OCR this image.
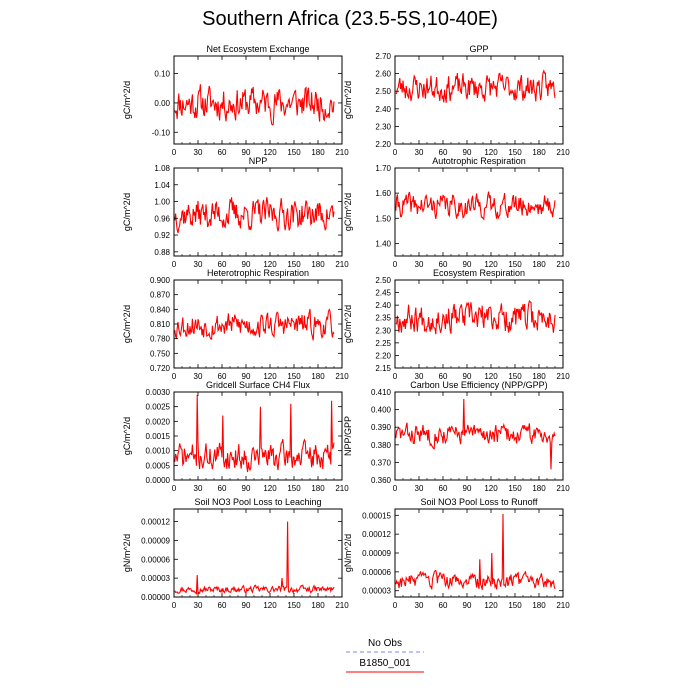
Southern Africa (23.5-5S,10-40E)
Net Ecosystem Exchange
gC/m^2/d
0 30 60 90 120 150 180 210
-0.10
0.00
0.10
GPP
gC/m^2/d
0 30 60 90 120 150 180 210
2.20
2.30
2.40
2.50
2.60
2.70
NPP
gC/m^2/d
0 30 60 90 120 150 180 210
0.88
0.92
0.96
1.00
1.04
1.08
Autotrophic Respiration
gC/m^2/d
0 30 60 90 120 150 180 210
1.40
1.50
1.60
1.70
Heterotrophic Respiration
gC/m^2/d
0 30 60 90 120 150 180 210
0.720
0.750
0.780
0.810
0.840
0.870
0.900
Ecosystem Respiration
gC/m^2/d
0 30 60 90 120 150 180 210
2.15
2.20
2.25
2.30
2.35
2.40
2.45
2.50
Gridcell Surface CH4 Flux
gC/m^2/d
0 30 60 90 120 150 180 210
0.0000
0.0005
0.0010
0.0015
0.0020
0.0025
0.0030
Carbon Use Efficiency (NPP/GPP)
NPP/GPP
0 30 60 90 120 150 180 210
0.360
0.370
0.380
0.390
0.400
0.410
Soil NO3 Pool Loss to Leaching
gN/m^2/d
0 30 60 90 120 150 180 210
0.00000
0.00003
0.00006
0.00009
0.00012
Soil NO3 Pool Loss to Runoff
gN/m^2/d
0 30 60 90 120 150 180 210
0.00003
0.00006
0.00009
0.00012
0.00015
No Obs
B1850_001
